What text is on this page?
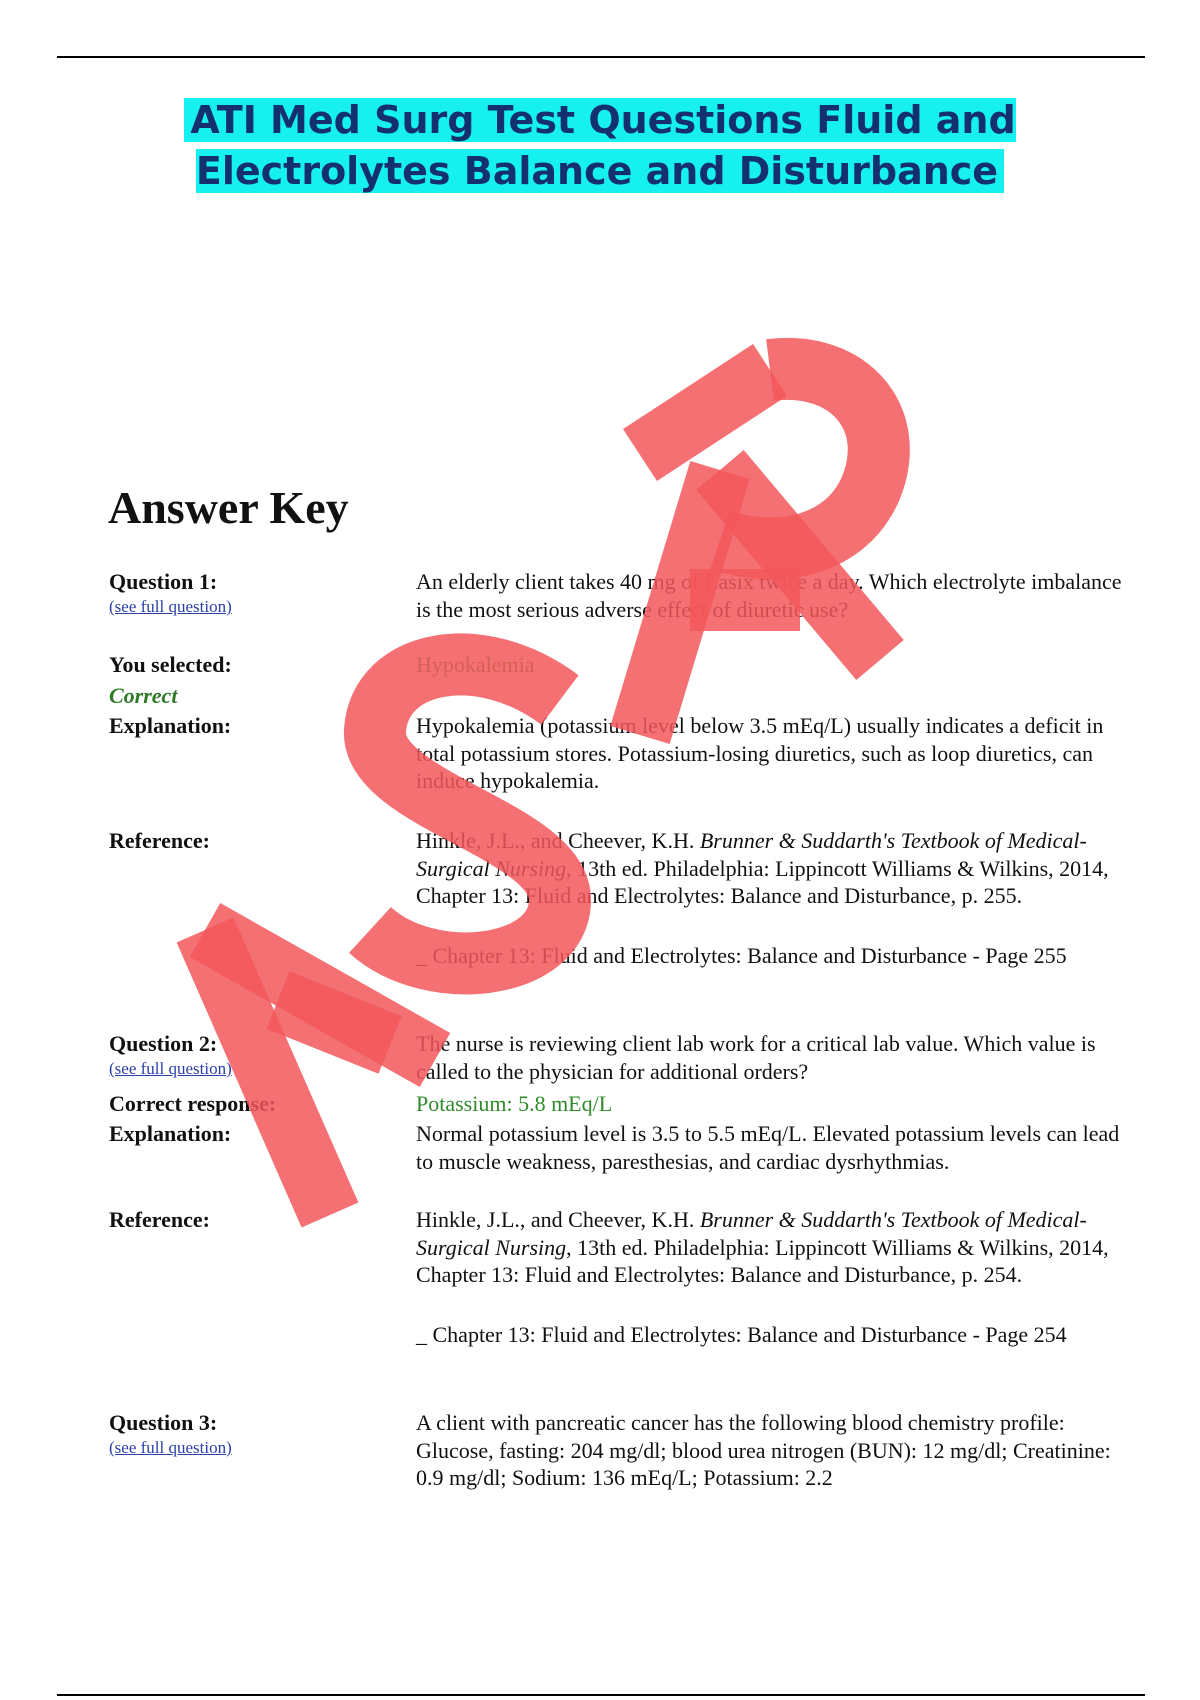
ATI Med Surg Test Questions Fluid and Electrolytes Balance and Disturbance
Answer Key
Question 1:
(see full question)
An elderly client takes 40 mg of Lasix twice a day. Which electrolyte imbalance is the most serious adverse effect of diuretic use?
You selected:	Hypokalemia
Correct
Explanation:	Hypokalemia (potassium level below 3.5 mEq/L) usually indicates a deficit in total potassium stores. Potassium-losing diuretics, such as loop diuretics, can induce hypokalemia.
Reference:	Hinkle, J.L., and Cheever, K.H. Brunner & Suddarth's Textbook of Medical-Surgical Nursing, 13th ed. Philadelphia: Lippincott Williams & Wilkins, 2014, Chapter 13: Fluid and Electrolytes: Balance and Disturbance, p. 255.
_ Chapter 13: Fluid and Electrolytes: Balance and Disturbance - Page 255
Question 2:
(see full question)
The nurse is reviewing client lab work for a critical lab value. Which value is called to the physician for additional orders?
Correct response:	Potassium: 5.8 mEq/L
Explanation:	Normal potassium level is 3.5 to 5.5 mEq/L. Elevated potassium levels can lead to muscle weakness, paresthesias, and cardiac dysrhythmias.
Reference:	Hinkle, J.L., and Cheever, K.H. Brunner & Suddarth's Textbook of Medical-Surgical Nursing, 13th ed. Philadelphia: Lippincott Williams & Wilkins, 2014, Chapter 13: Fluid and Electrolytes: Balance and Disturbance, p. 254.
_ Chapter 13: Fluid and Electrolytes: Balance and Disturbance - Page 254
Question 3:
(see full question)
A client with pancreatic cancer has the following blood chemistry profile: Glucose, fasting: 204 mg/dl; blood urea nitrogen (BUN): 12 mg/dl; Creatinine: 0.9 mg/dl; Sodium: 136 mEq/L; Potassium: 2.2
